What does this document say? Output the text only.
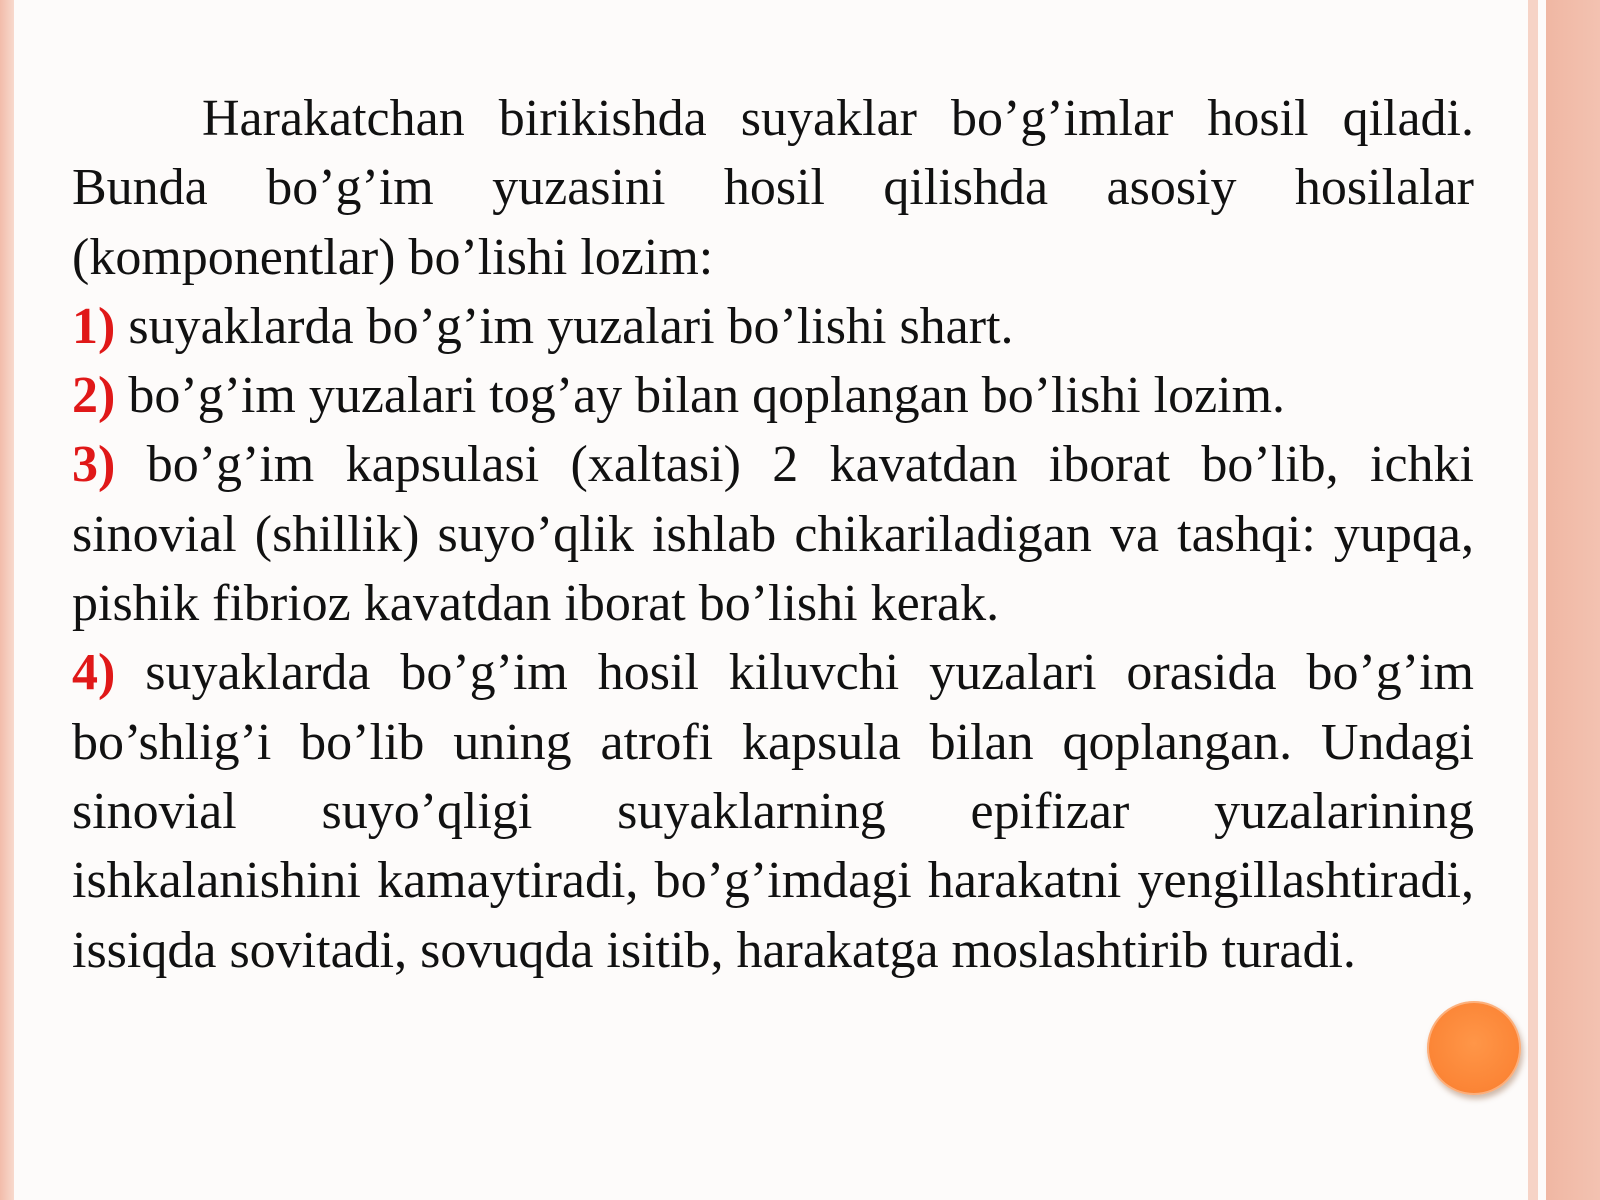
Harakatchan birikishda suyaklar bo’g’imlar hosil qiladi. Bunda bo’g’im yuzasini hosil qilishda asosiy hosilalar (komponentlar) bo’lishi lozim:

1) suyaklarda bo’g’im yuzalari bo’lishi shart.

2) bo’g’im yuzalari tog’ay bilan qoplangan bo’lishi lozim.

3) bo’g’im kapsulasi (xaltasi) 2 kavatdan iborat bo’lib, ichki sinovial (shillik) suyo’qlik ishlab chikariladigan va tashqi: yupqa, pishik fibrioz kavatdan iborat bo’lishi kerak.

4) suyaklarda bo’g’im hosil kiluvchi yuzalari orasida bo’g’im bo’shlig’i bo’lib uning atrofi kapsula bilan qoplangan. Undagi sinovial suyo’qligi suyaklarning epifizar yuzalarining ishkalanishini kamaytiradi, bo’g’imdagi harakatni yengillashtiradi, issiqda sovitadi, sovuqda isitib, harakatga moslashtirib turadi.
